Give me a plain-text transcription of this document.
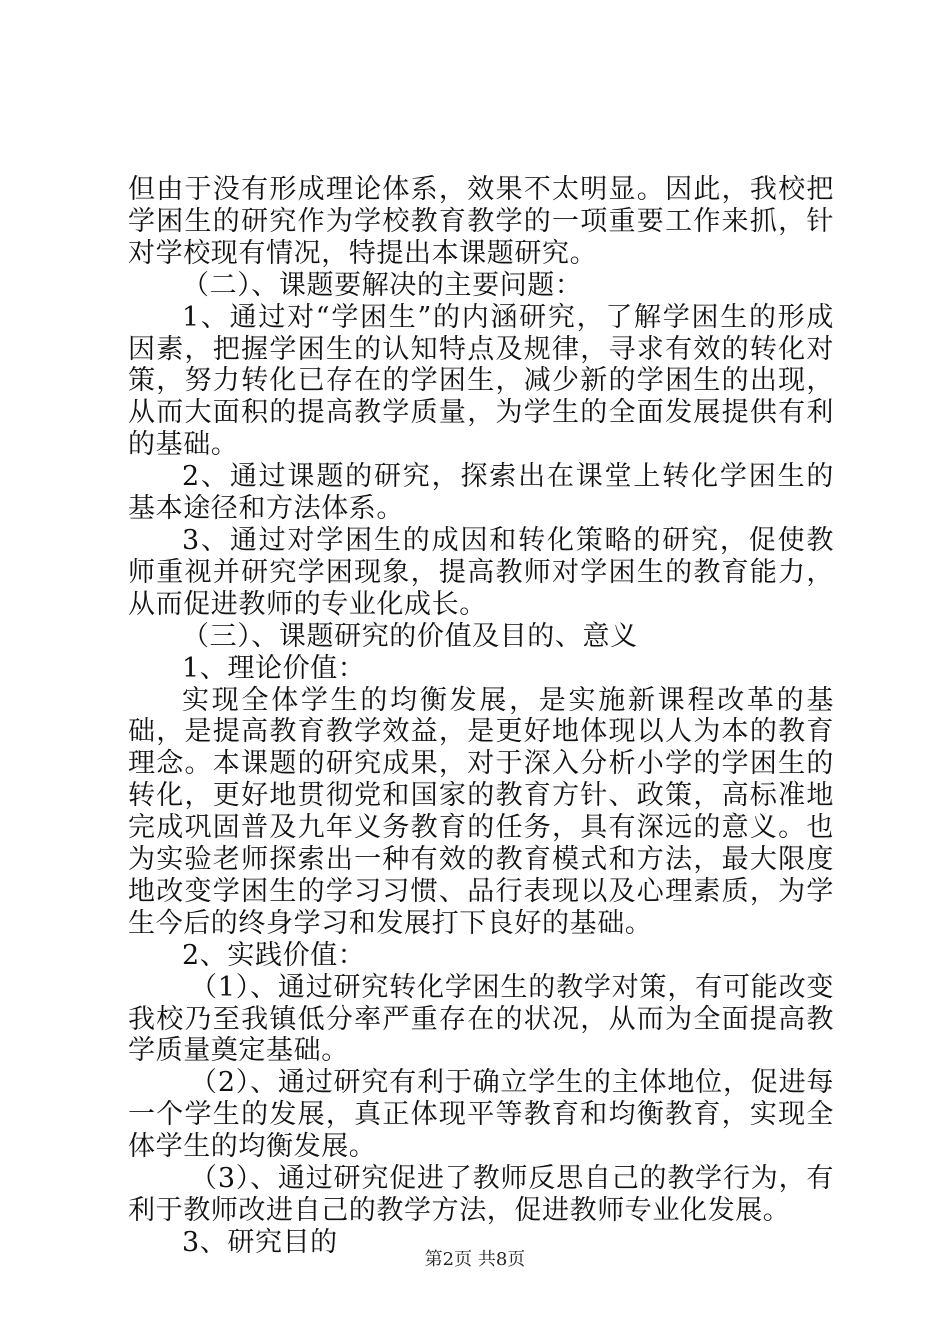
但由于没有形成理论体系，效果不太明显。因此，我校把学困生的研究作为学校教育教学的一项重要工作来抓，针对学校现有情况，特提出本课题研究。

（二）、课题要解决的主要问题：

1、通过对“学困生”的内涵研究，了解学困生的形成因素，把握学困生的认知特点及规律，寻求有效的转化对策，努力转化已存在的学困生，减少新的学困生的出现，从而大面积的提高教学质量，为学生的全面发展提供有利的基础。

2、通过课题的研究，探索出在课堂上转化学困生的基本途径和方法体系。

3、通过对学困生的成因和转化策略的研究，促使教师重视并研究学困现象，提高教师对学困生的教育能力，从而促进教师的专业化成长。

（三）、课题研究的价值及目的、意义

1、理论价值：

实现全体学生的均衡发展，是实施新课程改革的基础，是提高教育教学效益，是更好地体现以人为本的教育理念。本课题的研究成果，对于深入分析小学的学困生的转化，更好地贯彻党和国家的教育方针、政策，高标准地完成巩固普及九年义务教育的任务，具有深远的意义。也为实验老师探索出一种有效的教育模式和方法，最大限度地改变学困生的学习习惯、品行表现以及心理素质，为学生今后的终身学习和发展打下良好的基础。

2、实践价值：

（1）、通过研究转化学困生的教学对策，有可能改变我校乃至我镇低分率严重存在的状况，从而为全面提高教学质量奠定基础。

（2）、通过研究有利于确立学生的主体地位，促进每一个学生的发展，真正体现平等教育和均衡教育，实现全体学生的均衡发展。

（3）、通过研究促进了教师反思自己的教学行为，有利于教师改进自己的教学方法，促进教师专业化发展。

3、研究目的

第2页 共8页
